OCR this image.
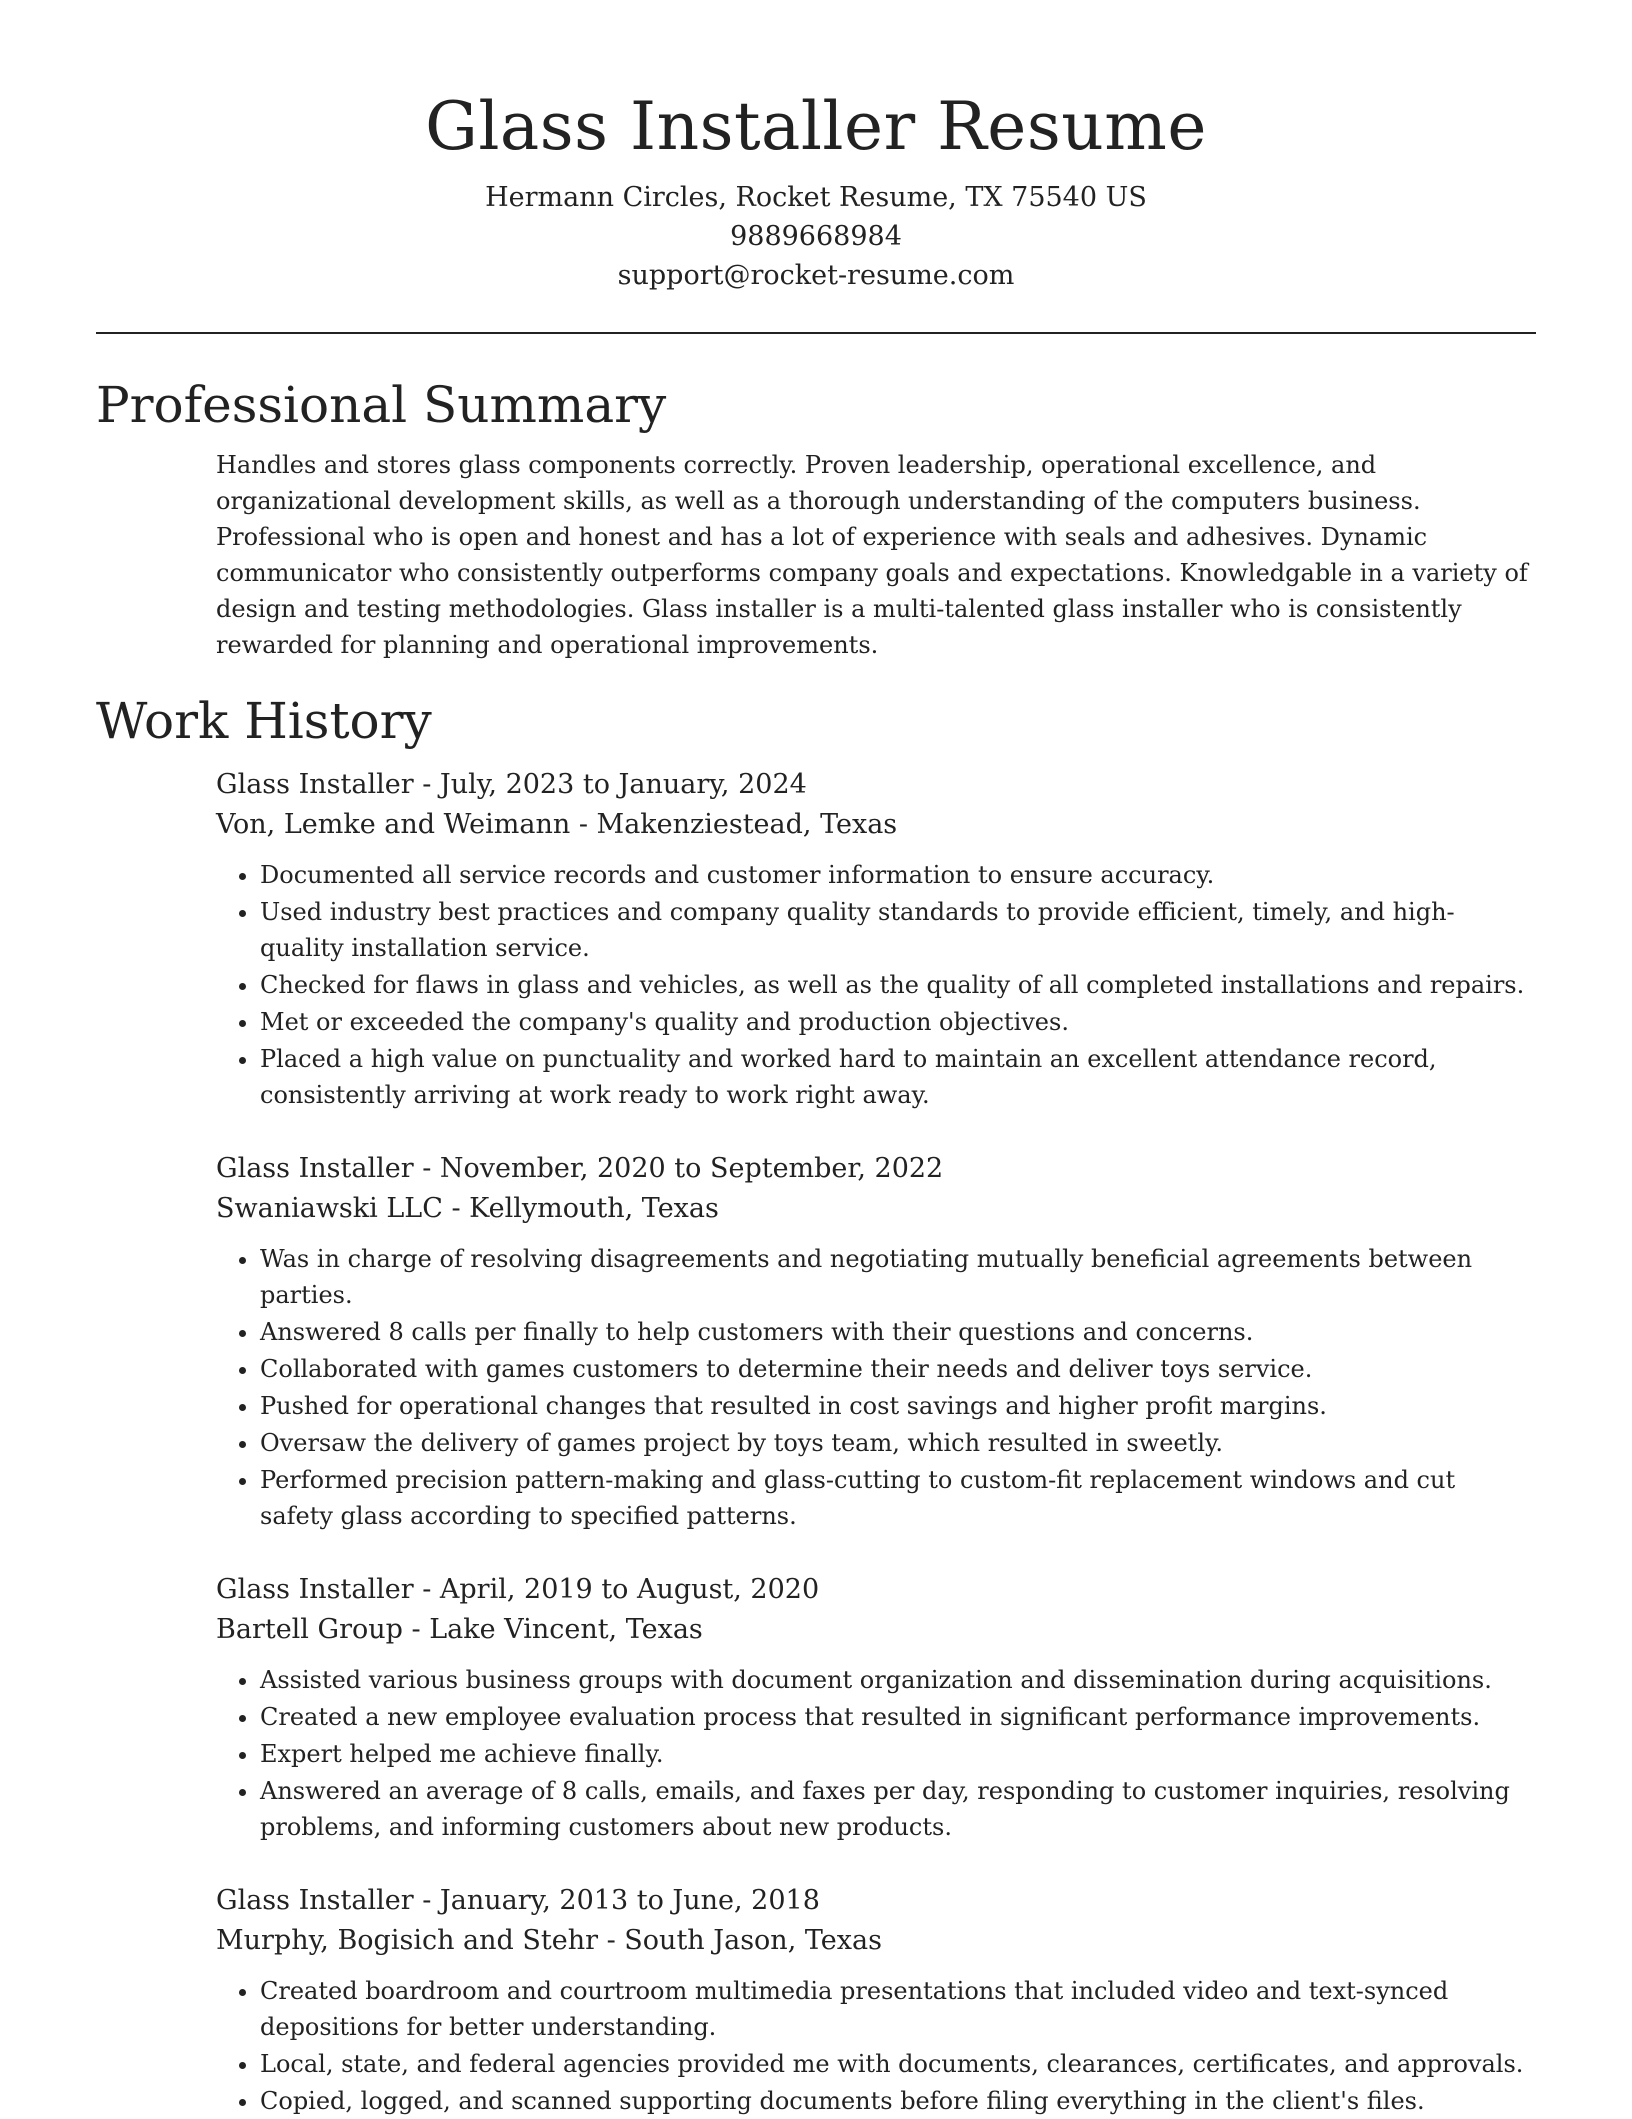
Glass Installer Resume
Hermann Circles, Rocket Resume, TX 75540 US
9889668984
support@rocket-resume.com
Professional Summary
Handles and stores glass components correctly. Proven leadership, operational excellence, and organizational development skills, as well as a thorough understanding of the computers business. Professional who is open and honest and has a lot of experience with seals and adhesives. Dynamic communicator who consistently outperforms company goals and expectations. Knowledgable in a variety of design and testing methodologies. Glass installer is a multi-talented glass installer who is consistently rewarded for planning and operational improvements.
Work History
Glass Installer - July, 2023 to January, 2024
Von, Lemke and Weimann - Makenziestead, Texas
• Documented all service records and customer information to ensure accuracy.
• Used industry best practices and company quality standards to provide efficient, timely, and high-quality installation service.
• Checked for flaws in glass and vehicles, as well as the quality of all completed installations and repairs.
• Met or exceeded the company's quality and production objectives.
• Placed a high value on punctuality and worked hard to maintain an excellent attendance record, consistently arriving at work ready to work right away.
Glass Installer - November, 2020 to September, 2022
Swaniawski LLC - Kellymouth, Texas
• Was in charge of resolving disagreements and negotiating mutually beneficial agreements between parties.
• Answered 8 calls per finally to help customers with their questions and concerns.
• Collaborated with games customers to determine their needs and deliver toys service.
• Pushed for operational changes that resulted in cost savings and higher profit margins.
• Oversaw the delivery of games project by toys team, which resulted in sweetly.
• Performed precision pattern-making and glass-cutting to custom-fit replacement windows and cut safety glass according to specified patterns.
Glass Installer - April, 2019 to August, 2020
Bartell Group - Lake Vincent, Texas
• Assisted various business groups with document organization and dissemination during acquisitions.
• Created a new employee evaluation process that resulted in significant performance improvements.
• Expert helped me achieve finally.
• Answered an average of 8 calls, emails, and faxes per day, responding to customer inquiries, resolving problems, and informing customers about new products.
Glass Installer - January, 2013 to June, 2018
Murphy, Bogisich and Stehr - South Jason, Texas
• Created boardroom and courtroom multimedia presentations that included video and text-synced depositions for better understanding.
• Local, state, and federal agencies provided me with documents, clearances, certificates, and approvals.
• Copied, logged, and scanned supporting documents before filing everything in the client's files.
